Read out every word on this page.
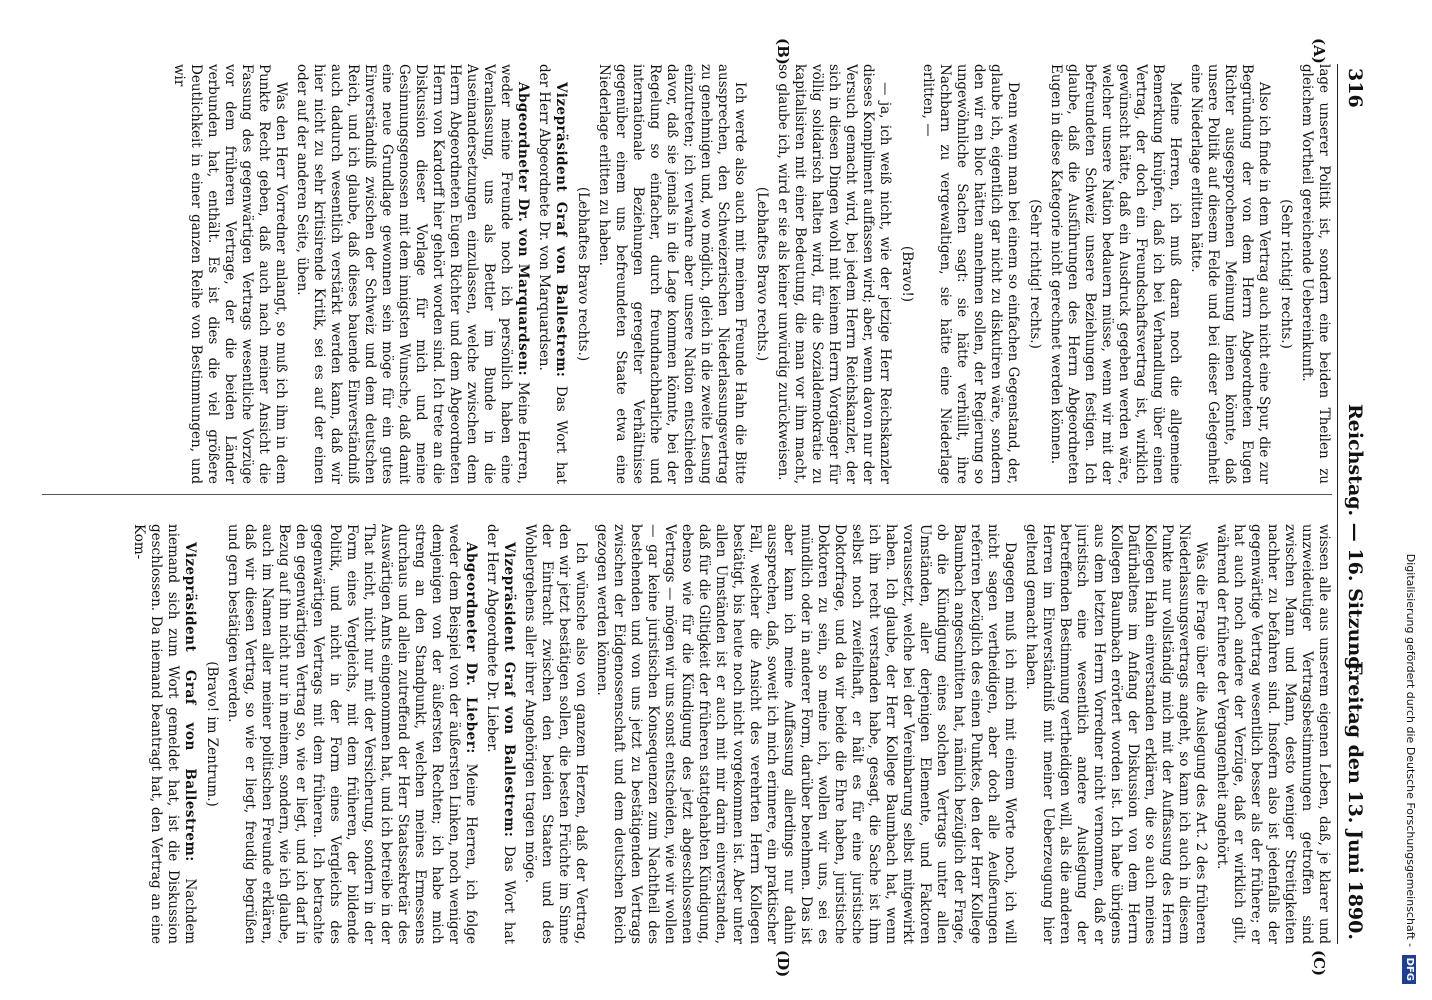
316
Reichstag. — 16. Sitzung.
Freitag den 13. Juni 1890.
(A)
(B)
(C)
(D)

lage unserer Politik ist, sondern eine beiden Theilen zu gleichem Vortheil gereichende Uebereinkunft.

(Sehr richtig! rechts.)

Also ich finde in dem Vertrag auch nicht eine Spur, die zur Begründung der von dem Herrn Abgeordneten Eugen Richter ausgesprochenen Meinung hienen könnte, daß unsere Politik auf diesem Felde und bei dieser Gelegenheit eine Niederlage erlitten hätte.

Meine Herren, ich muß daran noch die allgemeine Bemerkung knüpfen, daß ich bei Verhandlung über einen Vertrag, der doch ein Freundschaftsvertrag ist, wirklich gewünscht hätte, daß ein Ausdruck gegeben werden wäre, welcher unsere Nation bedauern müsse, wenn wir mit der befreundeten Schweiz unsere Beziehungen festigen. Ich glaube, daß die Ausführungen des Herrn Abgeordneten Eugen in diese Kategorie nicht gerechnet werden können.

(Sehr richtig! rechts.)

Denn wenn man bei einem so einfachen Gegenstand, der, glaube ich, eigentlich gar nicht zu diskutiren wäre, sondern den wir en bloc hätten annehmen sollen, der Regierung so ungewöhnliche Sachen sagt: sie hätte verhüllt, ihre Nachbarn zu vergewaltigen, sie hätte eine Niederlage erlitten, —

(Bravo!)

— ja, ich weiß nicht, wie der jetzige Herr Reichskanzler dieses Kompliment auffassen wird; aber, wenn davon nur der Versuch gemacht wird, bei jedem Herrn Reichskanzler, der sich in diesen Dingen wohl mit keinem Herrn Vorgänger für völlig solidarisch halten wird, für die Sozialdemokratie zu kapitalisiren mit einer Bedeutung, die man vor ihm macht, so glaube ich, wird er sie als keiner unwürdig zurückweisen.

(Lebhaftes Bravo rechts.)

Ich werde also auch mit meinem Freunde Hahn die Bitte aussprechen, den Schweizerischen Niederlassungsvertrag zu genehmigen und, wo möglich, gleich in die zweite Lesung einzutreten; ich verwahre aber unsere Nation entschieden davor, daß sie jemals in die Lage kommen könnte, bei der Regelung so einfacher, durch freundnachbarliche und internationale Beziehungen geregelter Verhältnisse gegenüber einem uns befreundeten Staate etwa eine Niederlage erlitten zu haben.

(Lebhaftes Bravo rechts.)

Vizepräsident Graf von Ballestrem: Das Wort hat der Herr Abgeordnete Dr. von Marquardsen.

Abgeordneter Dr. von Marquardsen: Meine Herren, weder meine Freunde noch ich persönlich haben eine Veranlassung, uns als Bettler im Bunde in die Auseinandersetzungen einzulassen, welche zwischen dem Herrn Abgeordneten Eugen Richter und dem Abgeordneten Herrn von Kardorff hier gehört worden sind. Ich trete an die Diskussion dieser Vorlage für mich und meine Gesinnungsgenossen mit dem innigsten Wunsche, daß damit eine neue Grundlage gewonnen sein möge für ein gutes Einverständniß zwischen der Schweiz und dem deutschen Reich, und ich glaube, daß dieses bauende Einverständniß auch dadurch wesentlich verstärkt werden kann, daß wir hier nicht zu sehr kritisirende Kritik, sei es auf der einen oder auf der anderen Seite, üben.

Was den Herr Vorredner anlangt, so muß ich ihm in dem Punkte Recht geben, daß auch nach meiner Ansicht die Fassung des gegenwärtigen Vertrags wesentliche Vorzüge vor dem früheren Vertrage, der die beiden Länder verbunden hat, enthält. Es ist dies die viel größere Deutlichkeit in einer ganzen Reihe von Bestimmungen, und wir

wissen alle aus unserem eigenen Leben, daß, je klarer und unzweideutiger Vertragsbestimmungen getroffen sind zwischen Mann und Mann, desto weniger Streitigkeiten nachher zu befahren sind. Insofern also ist jedenfalls der gegenwärtige Vertrag wesentlich besser als der frühere; er hat auch noch andere der Verzüge, daß er wirklich gilt, während der frühere der Vergangenheit angehört.

Was die Frage über die Auslegung des Art. 2 des früheren Niederlassungsvertrags angeht, so kann ich auch in diesem Punkte nur vollständig mich mit der Auffassung des Herrn Kollegen Hahn einverstanden erklären, die so auch meines Dafürhaltens im Anfang der Diskussion von dem Herrn Kollegen Baumbach erörtert worden ist. Ich habe übrigens aus dem letzten Herrn Vorredner nicht vernommen, daß er juristisch eine wesentlich andere Auslegung der betreffenden Bestimmung vertheidigen will, als die anderen Herren im Einverständniß mit meiner Ueberzeugung hier geltend gemacht haben.

Dagegen muß ich mich mit einem Worte noch, ich will nicht sagen vertheidigen, aber doch alle Aeußerungen referiren bezüglich des einen Punktes, den der Herr Kollege Baumbach angeschnitten hat, nämlich bezüglich der Frage, ob die Kündigung eines solchen Vertrags unter allen Umständen, aller derjenigen Elemente, und Faktoren voraussetzt, welche bei der Vereinbarung selbst mitgewirkt haben. Ich glaube, der Herr Kollege Baumbach hat, wenn ich ihn recht verstanden habe, gesagt, die Sache ist ihm selbst noch zweifelhaft, er hält es für eine juristische Doktorfrage, und da wir beide die Ehre haben, juristische Doktoren zu sein, so meine ich, wollen wir uns, sei es mündlich oder in anderer Form, darüber benehmen. Das ist aber kann ich meine Auffassung allerdings nur dahin aussprechen, daß, soweit ich mich erinnere, ein praktischer Fall, welcher die Ansicht des verehrten Herrn Kollegen bestätigt, bis heute noch nicht vorgekommen ist. Aber unter allen Umständen ist er auch mit mir darin einverstanden, daß für die Giltigkeit der früheren stattgehabten Kündigung, ebenso wie für die Kündigung des jetzt abgeschlossenen Vertrags — mögen wir uns sonst entscheiden, wie wir wollen — gar keine juristischen Konsequenzen zum Nachtheil des bestehenden und von uns jetzt zu bestätigenden Vertrags zwischen der Eidgenossenschaft und dem deutschen Reich gezogen werden können.

Ich wünsche also von ganzem Herzen, daß der Vertrag, den wir jetzt bestätigen sollen, die besten Früchte im Sinne der Eintracht zwischen den beiden Staaten und des Wohlergehens aller ihrer Angehörigen tragen möge.

Vizepräsident Graf von Ballestrem: Das Wort hat der Herr Abgeordnete Dr. Lieber.

Abgeordneter Dr. Lieber: Meine Herren, ich folge weder dem Beispiel von der äußersten Linken, noch weniger demjenigen von der äußersten Rechten; ich habe mich streng an den Standpunkt, welchen meines Ermessens durchaus und allein zutreffend der Herr Staatssekretär des Auswärtigen Amts eingenommen hat, und ich betreibe in der That nicht, nicht nur mit der Versicherung, sondern in der Form eines Vergleichs, mit dem früheren, der bildende Politik, und nicht in der Form eines Vergleichs des gegenwärtigen Vertrags mit dem früheren. Ich betrachte den gegenwärtigen Vertrag so, wie er liegt, und ich darf in Bezug auf ihn nicht nur in meinem, sondern, wie ich glaube, auch im Namen aller meiner politischen Freunde erklären, daß wir diesen Vertrag, so wie er liegt, freudig begrüßen und gern bestätigen werden.

(Bravo! im Zentrum.)

Vizepräsident Graf von Ballestrem: Nachdem niemand sich zum Wort gemeldet hat, ist die Diskussion geschlossen. Da niemand beantragt hat, den Vertrag an eine Kom-

Digitalisierung gefördert durch die Deutsche Forschungsgemeinschaft - DFG
